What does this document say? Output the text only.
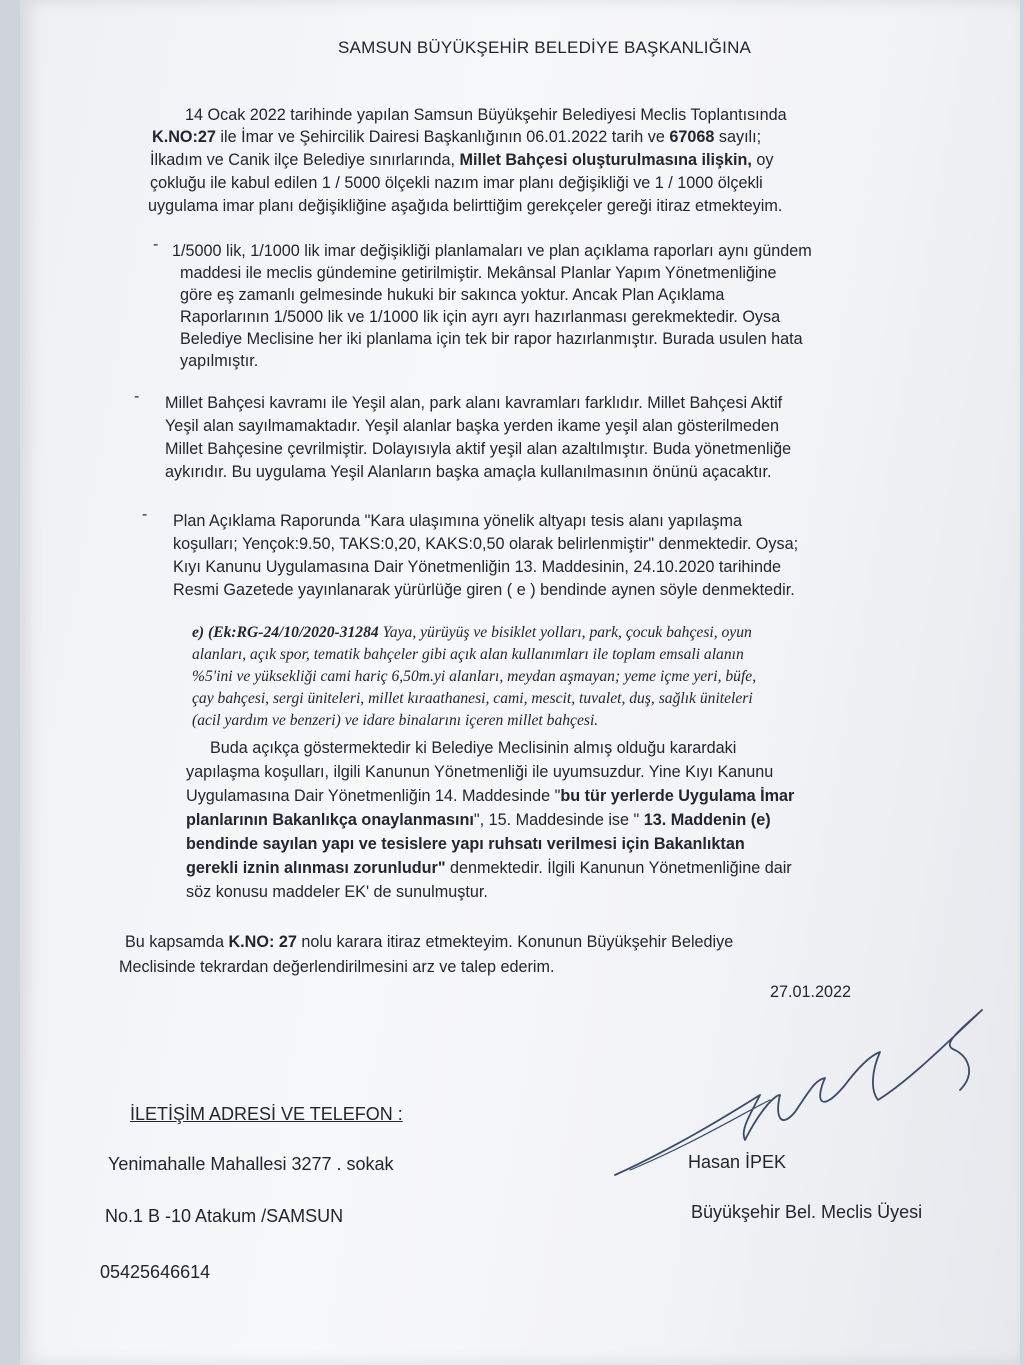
SAMSUN BÜYÜKŞEHİR BELEDİYE BAŞKANLIĞINA
14 Ocak 2022 tarihinde yapılan Samsun Büyükşehir Belediyesi Meclis Toplantısında
K.NO:27 ile İmar ve Şehircilik Dairesi Başkanlığının 06.01.2022 tarih ve 67068 sayılı;
İlkadım ve Canik ilçe Belediye sınırlarında, Millet Bahçesi oluşturulmasına ilişkin, oy
çokluğu ile kabul edilen 1 / 5000 ölçekli nazım imar planı değişikliği ve 1 / 1000 ölçekli
uygulama imar planı değişikliğine aşağıda belirttiğim gerekçeler gereği itiraz etmekteyim.
- 1/5000 lik, 1/1000 lik imar değişikliği planlamaları ve plan açıklama raporları aynı gündem
maddesi ile meclis gündemine getirilmiştir. Mekânsal Planlar Yapım Yönetmenliğine
göre eş zamanlı gelmesinde hukuki bir sakınca yoktur. Ancak Plan Açıklama
Raporlarının 1/5000 lik ve 1/1000 lik için ayrı ayrı hazırlanması gerekmektedir. Oysa
Belediye Meclisine her iki planlama için tek bir rapor hazırlanmıştır. Burada usulen hata
yapılmıştır.
- Millet Bahçesi kavramı ile Yeşil alan, park alanı kavramları farklıdır. Millet Bahçesi Aktif
Yeşil alan sayılmamaktadır. Yeşil alanlar başka yerden ikame yeşil alan gösterilmeden
Millet Bahçesine çevrilmiştir. Dolayısıyla aktif yeşil alan azaltılmıştır. Buda yönetmenliğe
aykırıdır. Bu uygulama Yeşil Alanların başka amaçla kullanılmasının önünü açacaktır.
- Plan Açıklama Raporunda "Kara ulaşımına yönelik altyapı tesis alanı yapılaşma
koşulları; Yençok:9.50, TAKS:0,20, KAKS:0,50 olarak belirlenmiştir" denmektedir. Oysa;
Kıyı Kanunu Uygulamasına Dair Yönetmenliğin 13. Maddesinin, 24.10.2020 tarihinde
Resmi Gazetede yayınlanarak yürürlüğe giren ( e ) bendinde aynen söyle denmektedir.
e) (Ek:RG-24/10/2020-31284 Yaya, yürüyüş ve bisiklet yolları, park, çocuk bahçesi, oyun
alanları, açık spor, tematik bahçeler gibi açık alan kullanımları ile toplam emsali alanın
%5'ini ve yüksekliği cami hariç 6,50m.yi alanları, meydan aşmayan; yeme içme yeri, büfe,
çay bahçesi, sergi üniteleri, millet kıraathanesi, cami, mescit, tuvalet, duş, sağlık üniteleri
(acil yardım ve benzeri) ve idare binalarını içeren millet bahçesi.
Buda açıkça göstermektedir ki Belediye Meclisinin almış olduğu karardaki
yapılaşma koşulları, ilgili Kanunun Yönetmenliği ile uyumsuzdur. Yine Kıyı Kanunu
Uygulamasına Dair Yönetmenliğin 14. Maddesinde "bu tür yerlerde Uygulama İmar
planlarının Bakanlıkça onaylanmasını", 15. Maddesinde ise " 13. Maddenin (e)
bendinde sayılan yapı ve tesislere yapı ruhsatı verilmesi için Bakanlıktan
gerekli iznin alınması zorunludur" denmektedir. İlgili Kanunun Yönetmenliğine dair
söz konusu maddeler EK' de sunulmuştur.
Bu kapsamda K.NO: 27 nolu karara itiraz etmekteyim. Konunun Büyükşehir Belediye
Meclisinde tekrardan değerlendirilmesini arz ve talep ederim.
27.01.2022
İLETİŞİM ADRESİ VE TELEFON :
Yenimahalle Mahallesi 3277 . sokak
No.1 B -10 Atakum /SAMSUN
05425646614
Hasan İPEK
Büyükşehir Bel. Meclis Üyesi
